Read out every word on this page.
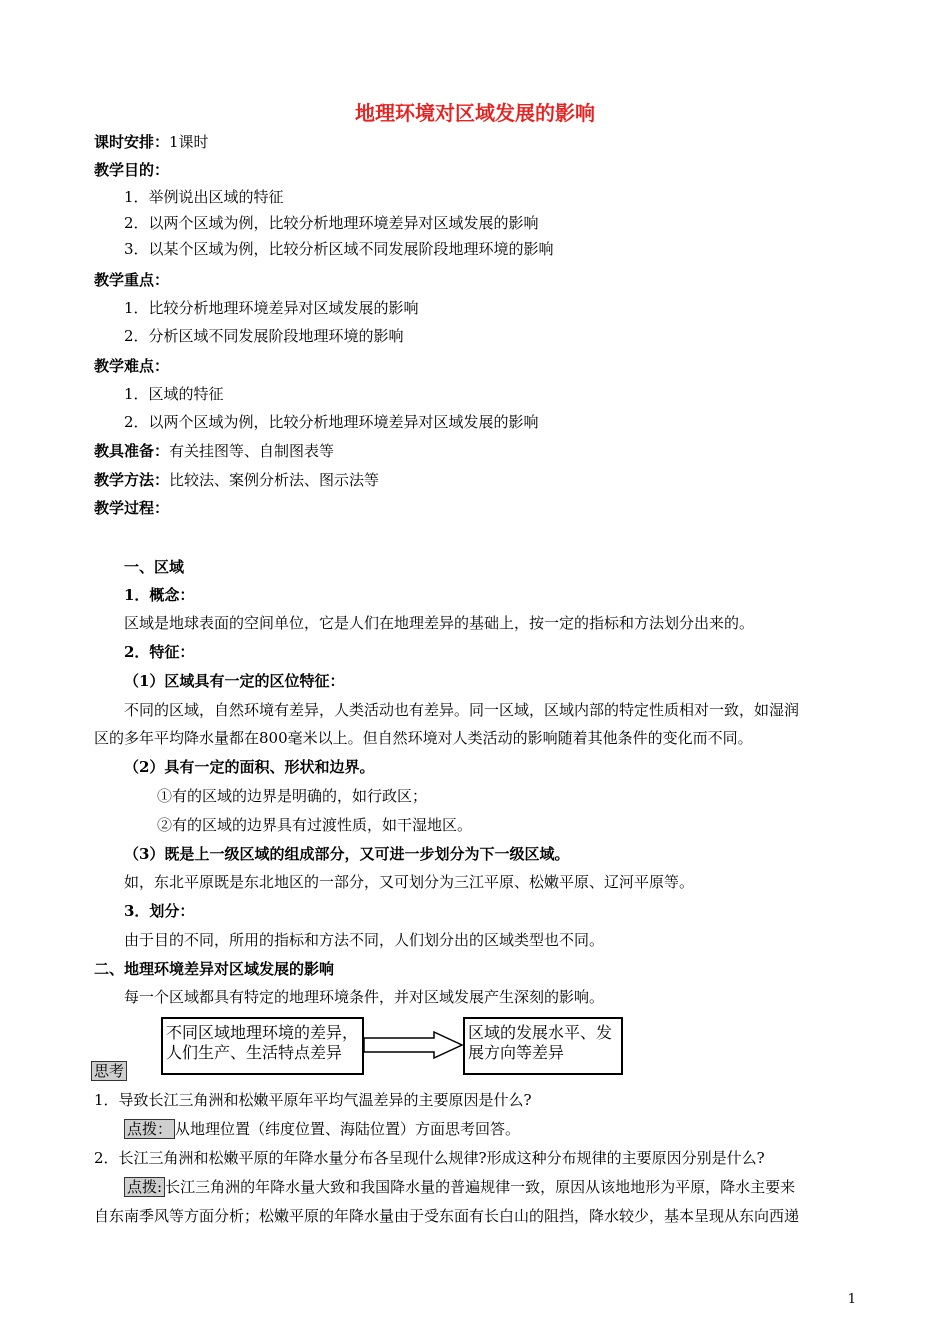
地理环境对区域发展的影响
课时安排：1课时
教学目的：
1．举例说出区域的特征
2．以两个区域为例，比较分析地理环境差异对区域发展的影响
3．以某个区域为例，比较分析区域不同发展阶段地理环境的影响
教学重点：
1．比较分析地理环境差异对区域发展的影响
2．分析区域不同发展阶段地理环境的影响
教学难点：
1．区域的特征
2．以两个区域为例，比较分析地理环境差异对区域发展的影响
教具准备：有关挂图等、自制图表等
教学方法：比较法、案例分析法、图示法等
教学过程：
一、区域
1．概念：
区域是地球表面的空间单位，它是人们在地理差异的基础上，按一定的指标和方法划分出来的。
2．特征：
（1）区域具有一定的区位特征：
不同的区域，自然环境有差异，人类活动也有差异。同一区域，区域内部的特定性质相对一致，如湿润
区的多年平均降水量都在800毫米以上。但自然环境对人类活动的影响随着其他条件的变化而不同。
（2）具有一定的面积、形状和边界。
①有的区域的边界是明确的，如行政区；
②有的区域的边界具有过渡性质，如干湿地区。
（3）既是上一级区域的组成部分，又可进一步划分为下一级区域。
如，东北平原既是东北地区的一部分，又可划分为三江平原、松嫩平原、辽河平原等。
3．划分：
由于目的不同，所用的指标和方法不同，人们划分出的区域类型也不同。
二、地理环境差异对区域发展的影响
每一个区域都具有特定的地理环境条件，并对区域发展产生深刻的影响。
不同区域地理环境的差异，人们生产、生活特点差异
区域的发展水平、发展方向等差异
思考
1．导致长江三角洲和松嫩平原年平均气温差异的主要原因是什么?
点拨： 从地理位置（纬度位置、海陆位置）方面思考回答。
2．长江三角洲和松嫩平原的年降水量分布各呈现什么规律?形成这种分布规律的主要原因分别是什么?
点拨: 长江三角洲的年降水量大致和我国降水量的普遍规律一致，原因从该地地形为平原，降水主要来
自东南季风等方面分析；松嫩平原的年降水量由于受东面有长白山的阻挡，降水较少，基本呈现从东向西递
1
